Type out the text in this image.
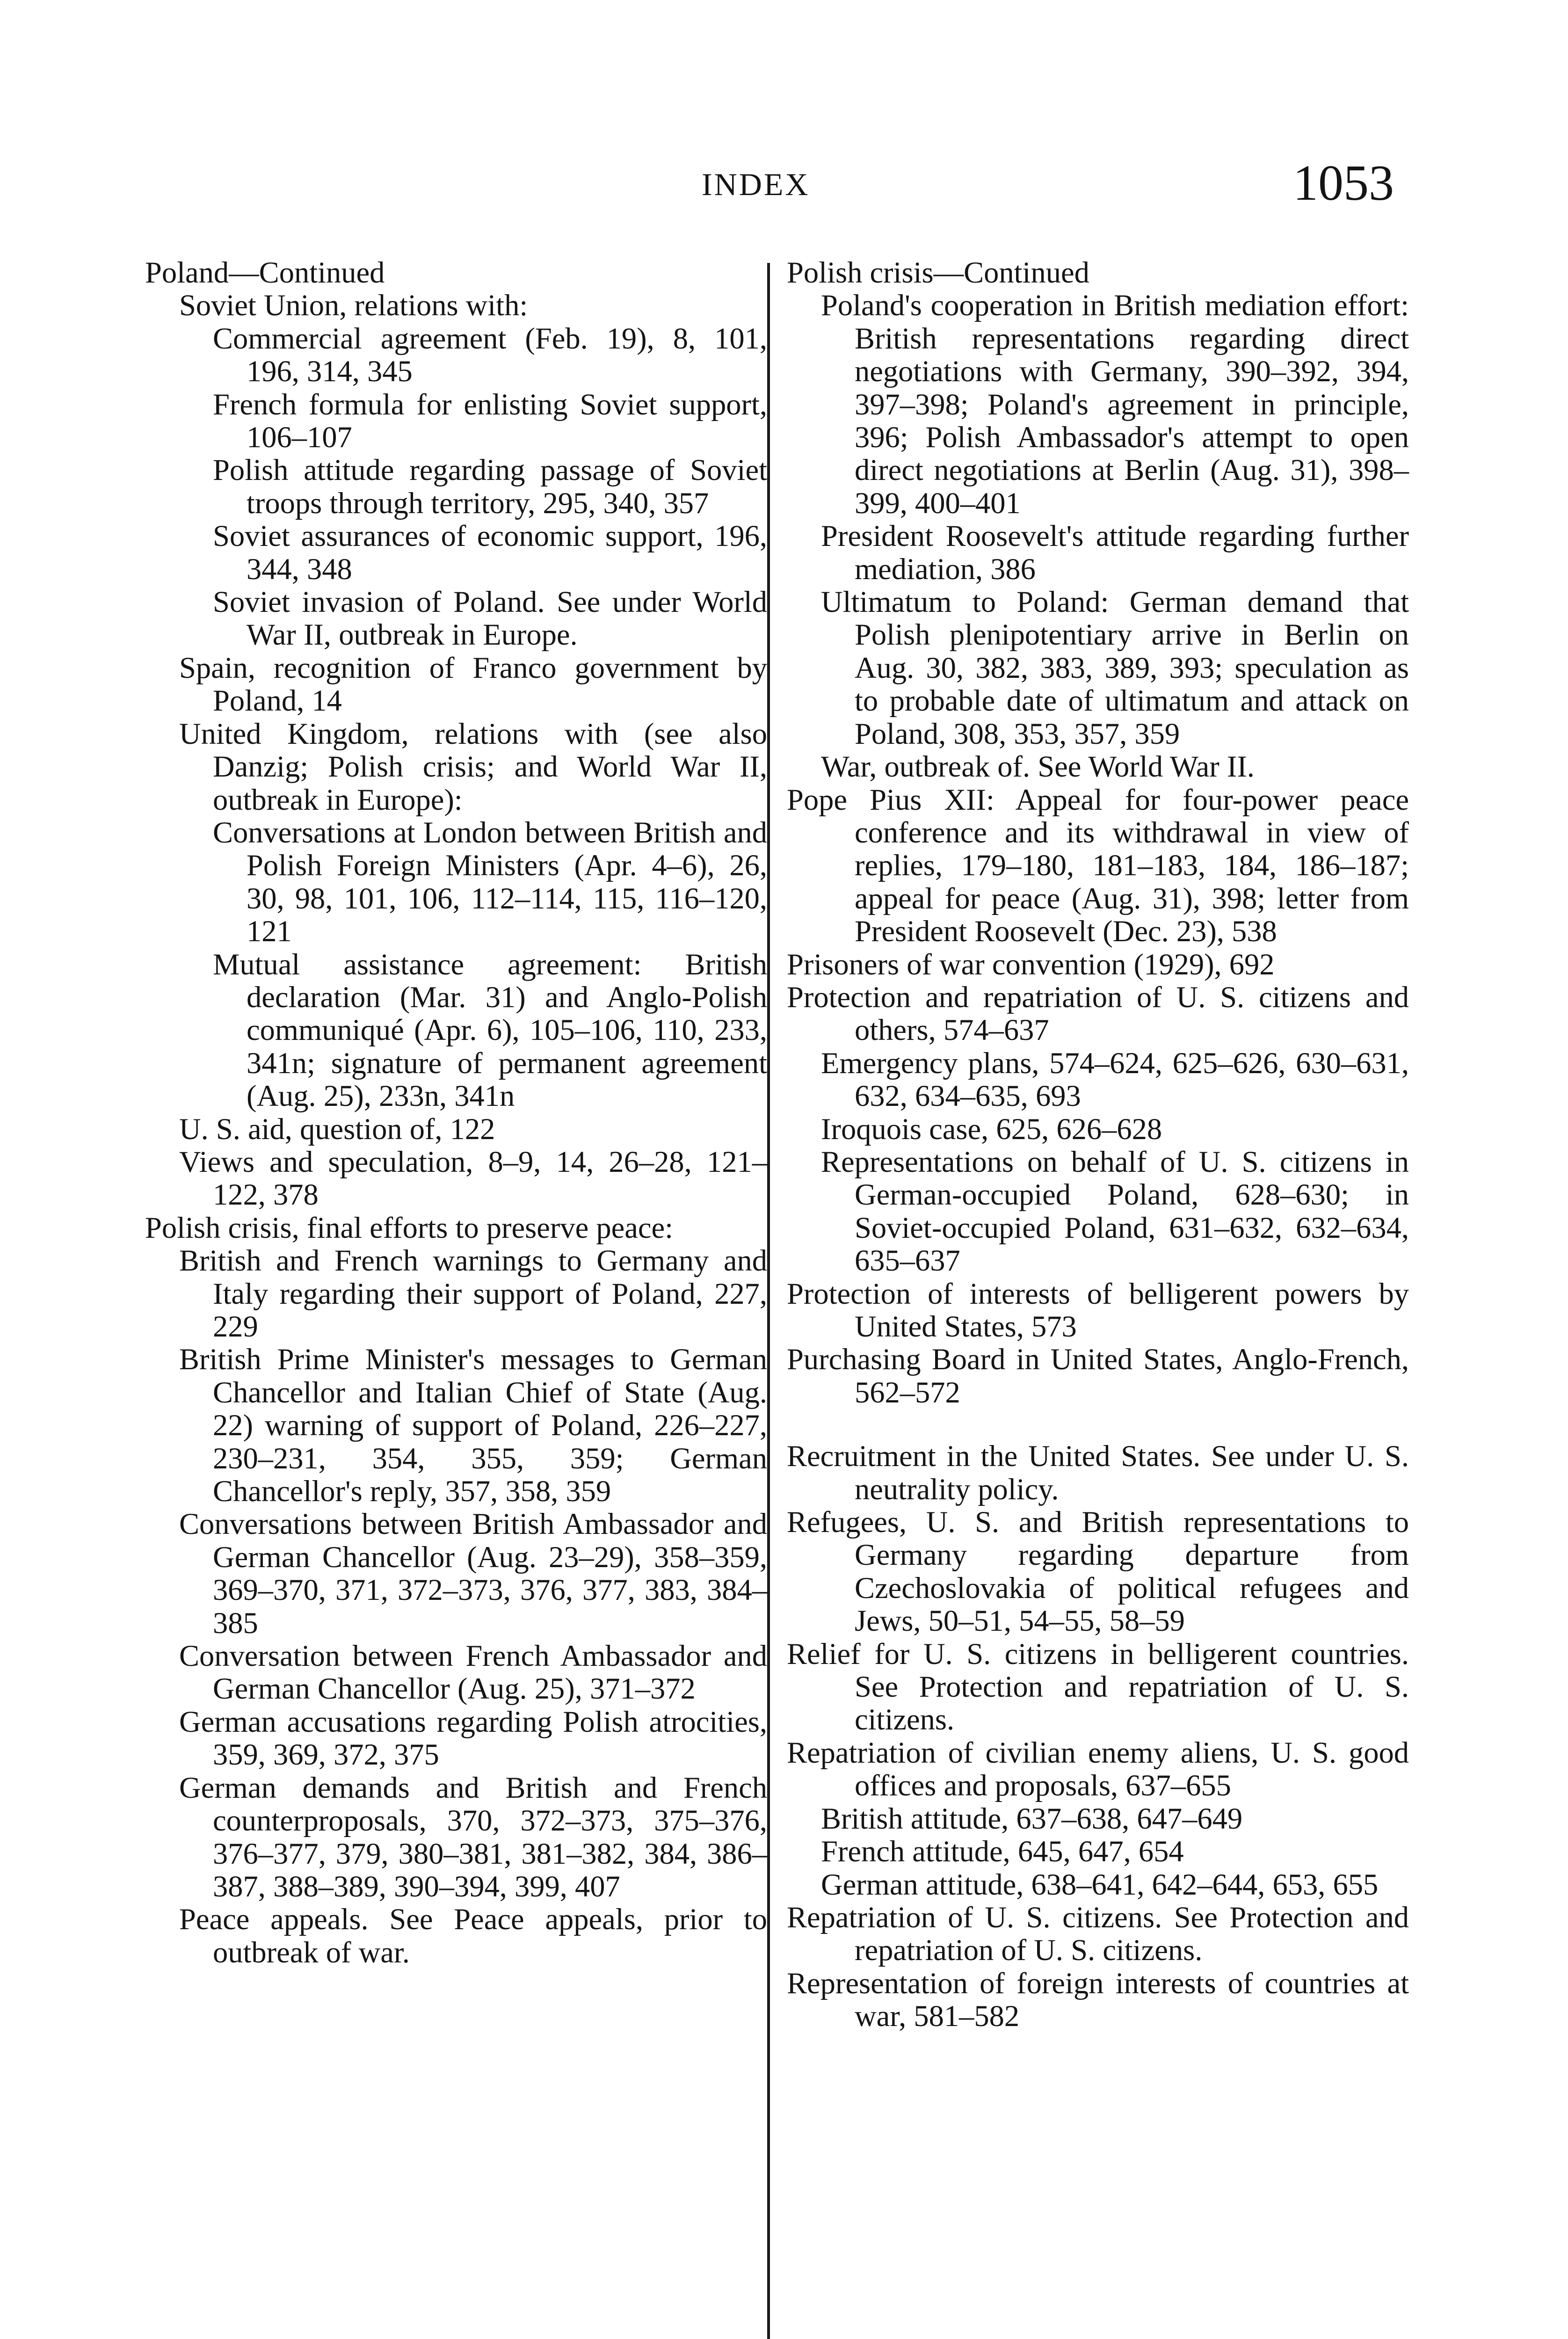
INDEX	1053

Poland—Continued

Soviet Union, relations with:

Commercial agreement (Feb. 19), 8, 101, 196, 314, 345

French formula for enlisting Soviet support, 106–107

Polish attitude regarding passage of Soviet troops through territory, 295, 340, 357

Soviet assurances of economic support, 196, 344, 348

Soviet invasion of Poland. See under World War II, outbreak in Europe.

Spain, recognition of Franco government by Poland, 14

United Kingdom, relations with (see also Danzig; Polish crisis; and World War II, outbreak in Europe):

Conversations at London between British and Polish Foreign Ministers (Apr. 4–6), 26, 30, 98, 101, 106, 112–114, 115, 116–120, 121

Mutual assistance agreement: British declaration (Mar. 31) and Anglo-Polish communiqué (Apr. 6), 105–106, 110, 233, 341n; signature of permanent agreement (Aug. 25), 233n, 341n

U. S. aid, question of, 122

Views and speculation, 8–9, 14, 26–28, 121–122, 378

Polish crisis, final efforts to preserve peace:

British and French warnings to Germany and Italy regarding their support of Poland, 227, 229

British Prime Minister's messages to German Chancellor and Italian Chief of State (Aug. 22) warning of support of Poland, 226–227, 230–231, 354, 355, 359; German Chancellor's reply, 357, 358, 359

Conversations between British Ambassador and German Chancellor (Aug. 23–29), 358–359, 369–370, 371, 372–373, 376, 377, 383, 384–385

Conversation between French Ambassador and German Chancellor (Aug. 25), 371–372

German accusations regarding Polish atrocities, 359, 369, 372, 375

German demands and British and French counterproposals, 370, 372–373, 375–376, 376–377, 379, 380–381, 381–382, 384, 386–387, 388–389, 390–394, 399, 407

Peace appeals. See Peace appeals, prior to outbreak of war.

Polish crisis—Continued

Poland's cooperation in British mediation effort: British representations regarding direct negotiations with Germany, 390–392, 394, 397–398; Poland's agreement in principle, 396; Polish Ambassador's attempt to open direct negotiations at Berlin (Aug. 31), 398–399, 400–401

President Roosevelt's attitude regarding further mediation, 386

Ultimatum to Poland: German demand that Polish plenipotentiary arrive in Berlin on Aug. 30, 382, 383, 389, 393; speculation as to probable date of ultimatum and attack on Poland, 308, 353, 357, 359

War, outbreak of. See World War II.

Pope Pius XII: Appeal for four-power peace conference and its withdrawal in view of replies, 179–180, 181–183, 184, 186–187; appeal for peace (Aug. 31), 398; letter from President Roosevelt (Dec. 23), 538

Prisoners of war convention (1929), 692

Protection and repatriation of U. S. citizens and others, 574–637

Emergency plans, 574–624, 625–626, 630–631, 632, 634–635, 693

Iroquois case, 625, 626–628

Representations on behalf of U. S. citizens in German-occupied Poland, 628–630; in Soviet-occupied Poland, 631–632, 632–634, 635–637

Protection of interests of belligerent powers by United States, 573

Purchasing Board in United States, Anglo-French, 562–572

Recruitment in the United States. See under U. S. neutrality policy.

Refugees, U. S. and British representations to Germany regarding departure from Czechoslovakia of political refugees and Jews, 50–51, 54–55, 58–59

Relief for U. S. citizens in belligerent countries. See Protection and repatriation of U. S. citizens.

Repatriation of civilian enemy aliens, U. S. good offices and proposals, 637–655

British attitude, 637–638, 647–649

French attitude, 645, 647, 654

German attitude, 638–641, 642–644, 653, 655

Repatriation of U. S. citizens. See Protection and repatriation of U. S. citizens.

Representation of foreign interests of countries at war, 581–582
